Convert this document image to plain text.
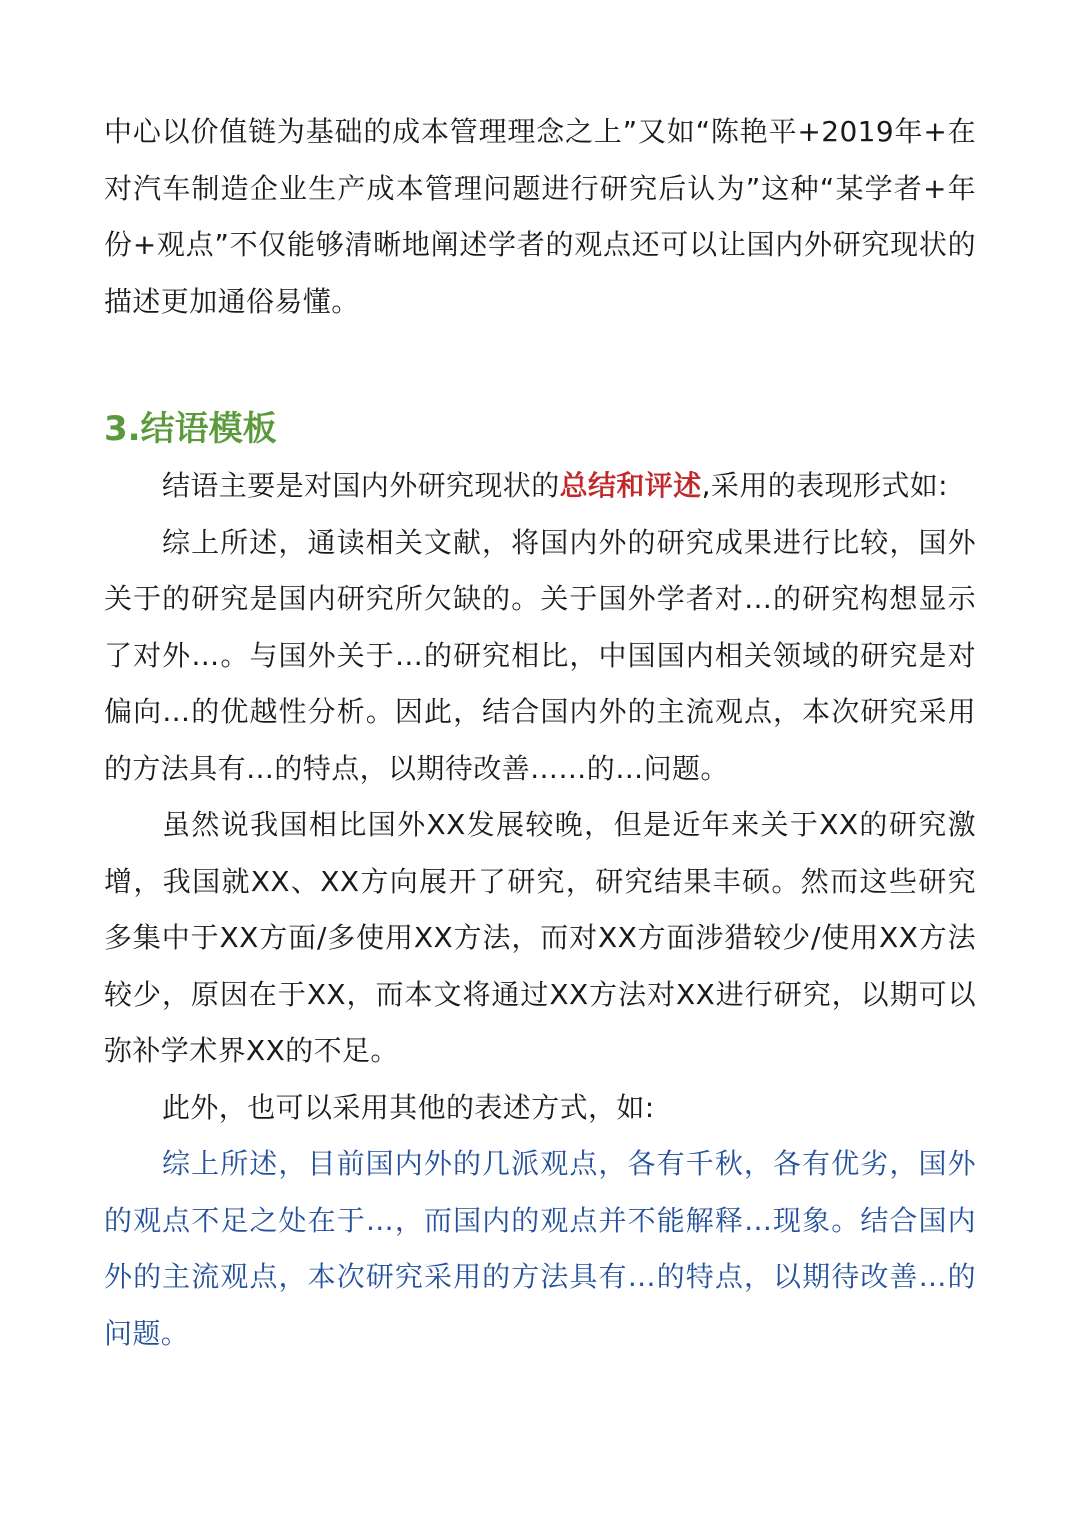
中心以价值链为基础的成本管理理念之上”又如“陈艳平+2019年+在对汽车制造企业生产成本管理问题进行研究后认为”这种“某学者+年份+观点”不仅能够清晰地阐述学者的观点还可以让国内外研究现状的描述更加通俗易懂。

3.结语模板

结语主要是对国内外研究现状的总结和评述,采用的表现形式如:

综上所述，通读相关文献，将国内外的研究成果进行比较，国外关于的研究是国内研究所欠缺的。关于国外学者对…的研究构想显示了对外…。与国外关于…的研究相比，中国国内相关领域的研究是对偏向…的优越性分析。因此，结合国内外的主流观点，本次研究采用的方法具有…的特点，以期待改善……的…问题。

虽然说我国相比国外XX发展较晚，但是近年来关于XX的研究激增，我国就XX、XX方向展开了研究，研究结果丰硕。然而这些研究多集中于XX方面/多使用XX方法，而对XX方面涉猎较少/使用XX方法较少，原因在于XX，而本文将通过XX方法对XX进行研究，以期可以弥补学术界XX的不足。

此外，也可以采用其他的表述方式，如:

综上所述，目前国内外的几派观点，各有千秋，各有优劣，国外的观点不足之处在于…，而国内的观点并不能解释…现象。结合国内外的主流观点，本次研究采用的方法具有…的特点，以期待改善…的问题。
